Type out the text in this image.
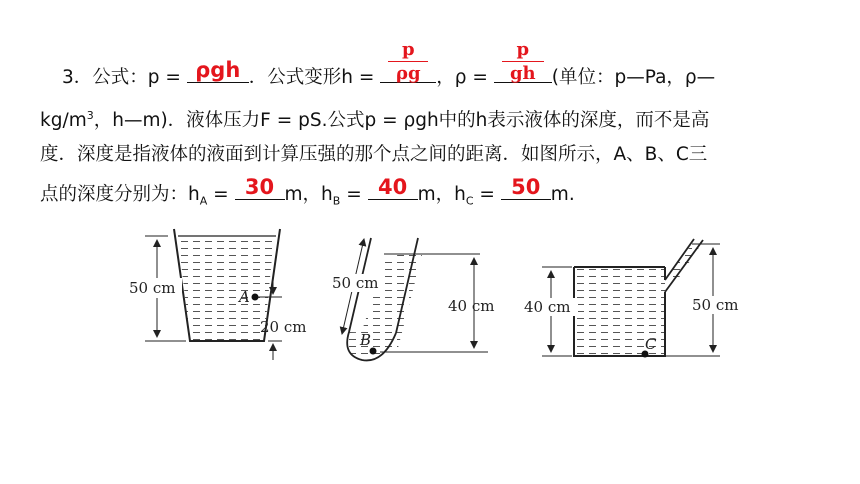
3．公式：p = ρgh ．公式变形h =
p
ρg ，ρ =
p
gh (单位：p—Pa，ρ—
$kg/m^3$，h—m)．液体压力F = pS.公式p = ρgh中的h表示液体的深度，而不是高
度．深度是指液体的液面到计算压强的那个点之间的距离．如图所示，A、B、C三
点的深度分别为：$h_A = 30$ m，$h_B = 40$ m，$h_C = 50$ m.
50 cm	A
20 cm
40 cm
50 cm
B
50 cm
40 cm
C
